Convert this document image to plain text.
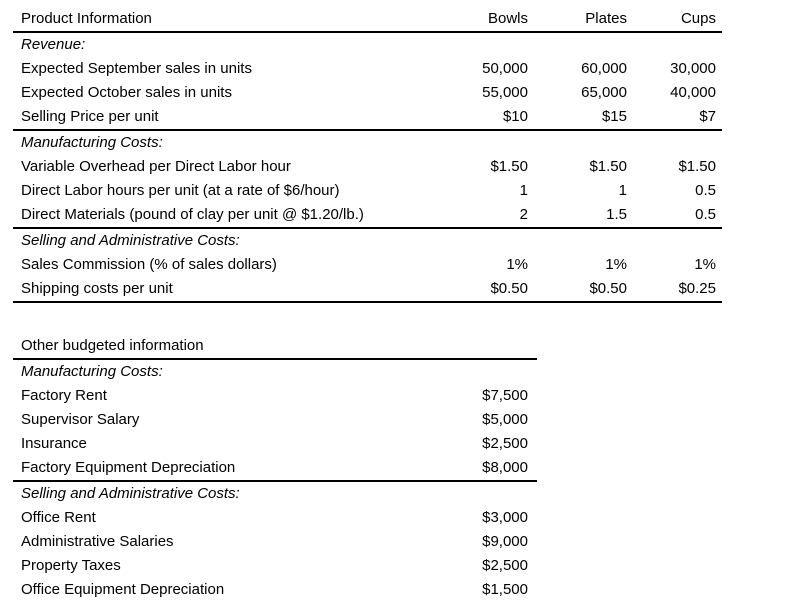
Product Information	Bowls	Plates	Cups
Revenue:			
Expected September sales in units	50,000	60,000	30,000
Expected October sales in units	55,000	65,000	40,000
Selling Price per unit	$10	$15	$7
Manufacturing Costs:			
Variable Overhead per Direct Labor hour	$1.50	$1.50	$1.50
Direct Labor hours per unit (at a rate of $6/hour)	1	1	0.5
Direct Materials (pound of clay per unit @ $1.20/lb.)	2	1.5	0.5
Selling and Administrative Costs:			
Sales Commission (% of sales dollars)	1%	1%	1%
Shipping costs per unit	$0.50	$0.50	$0.25
Other budgeted information	
Manufacturing Costs:	
Factory Rent	$7,500
Supervisor Salary	$5,000
Insurance	$2,500
Factory Equipment Depreciation	$8,000
Selling and Administrative Costs:	
Office Rent	$3,000
Administrative Salaries	$9,000
Property Taxes	$2,500
Office Equipment Depreciation	$1,500
